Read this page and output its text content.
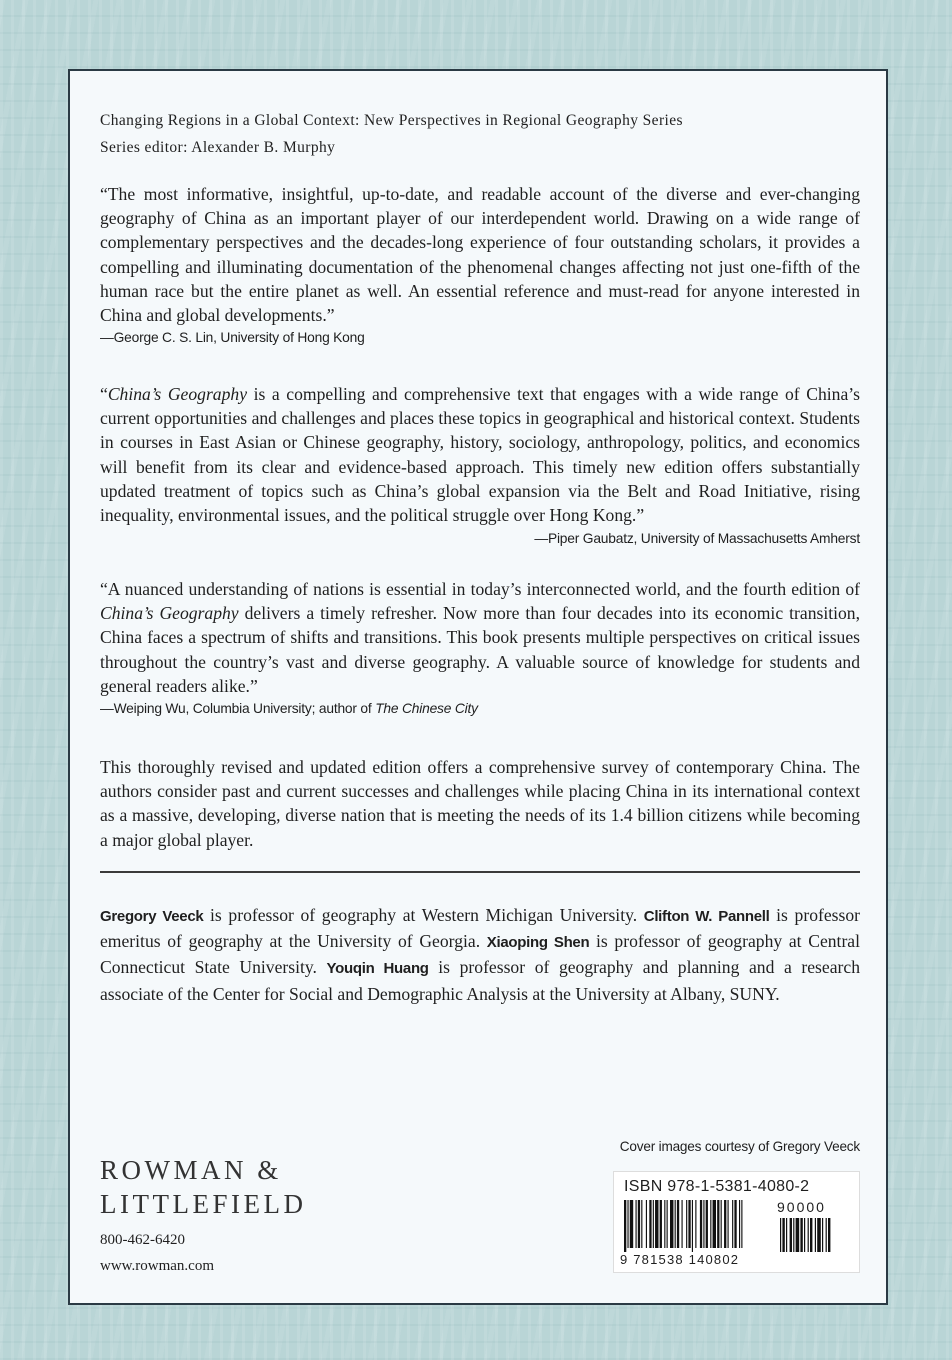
Changing Regions in a Global Context: New Perspectives in Regional Geography Series
Series editor: Alexander B. Murphy

“The most informative, insightful, up-to-date, and readable account of the diverse and ever-changing geography of China as an important player of our interdependent world. Drawing on a wide range of complementary perspectives and the decades-long experience of four outstanding scholars, it provides a compelling and illuminating documentation of the phenomenal changes affecting not just one-fifth of the human race but the entire planet as well. An essential reference and must-read for anyone interested in China and global developments.”

—George C. S. Lin, University of Hong Kong

“China’s Geography is a compelling and comprehensive text that engages with a wide range of China’s current opportunities and challenges and places these topics in geographical and historical context. Students in courses in East Asian or Chinese geography, history, sociology, anthropology, politics, and economics will benefit from its clear and evidence-based approach. This timely new edition offers substantially updated treatment of topics such as China’s global expansion via the Belt and Road Initiative, rising inequality, environmental issues, and the political struggle over Hong Kong.”
—Piper Gaubatz, University of Massachusetts Amherst

“A nuanced understanding of nations is essential in today’s interconnected world, and the fourth edition of China’s Geography delivers a timely refresher. Now more than four decades into its economic transition, China faces a spectrum of shifts and transitions. This book presents multiple perspectives on critical issues throughout the country’s vast and diverse geography. A valuable source of knowledge for students and general readers alike.”

—Weiping Wu, Columbia University; author of The Chinese City

This thoroughly revised and updated edition offers a comprehensive survey of contemporary China. The authors consider past and current successes and challenges while placing China in its international context as a massive, developing, diverse nation that is meeting the needs of its 1.4 billion citizens while becoming a major global player.

Gregory Veeck is professor of geography at Western Michigan University. Clifton W. Pannell is professor emeritus of geography at the University of Georgia. Xiaoping Shen is professor of geography at Central Connecticut State University. Youqin Huang is professor of geography and planning and a research associate of the Center for Social and Demographic Analysis at the University at Albany, SUNY.
ROWMAN &
LITTLEFIELD
800-462-6420
www.rowman.com
Cover images courtesy of Gregory Veeck
ISBN 978-1-5381-4080-2
90000
9 781538 140802
